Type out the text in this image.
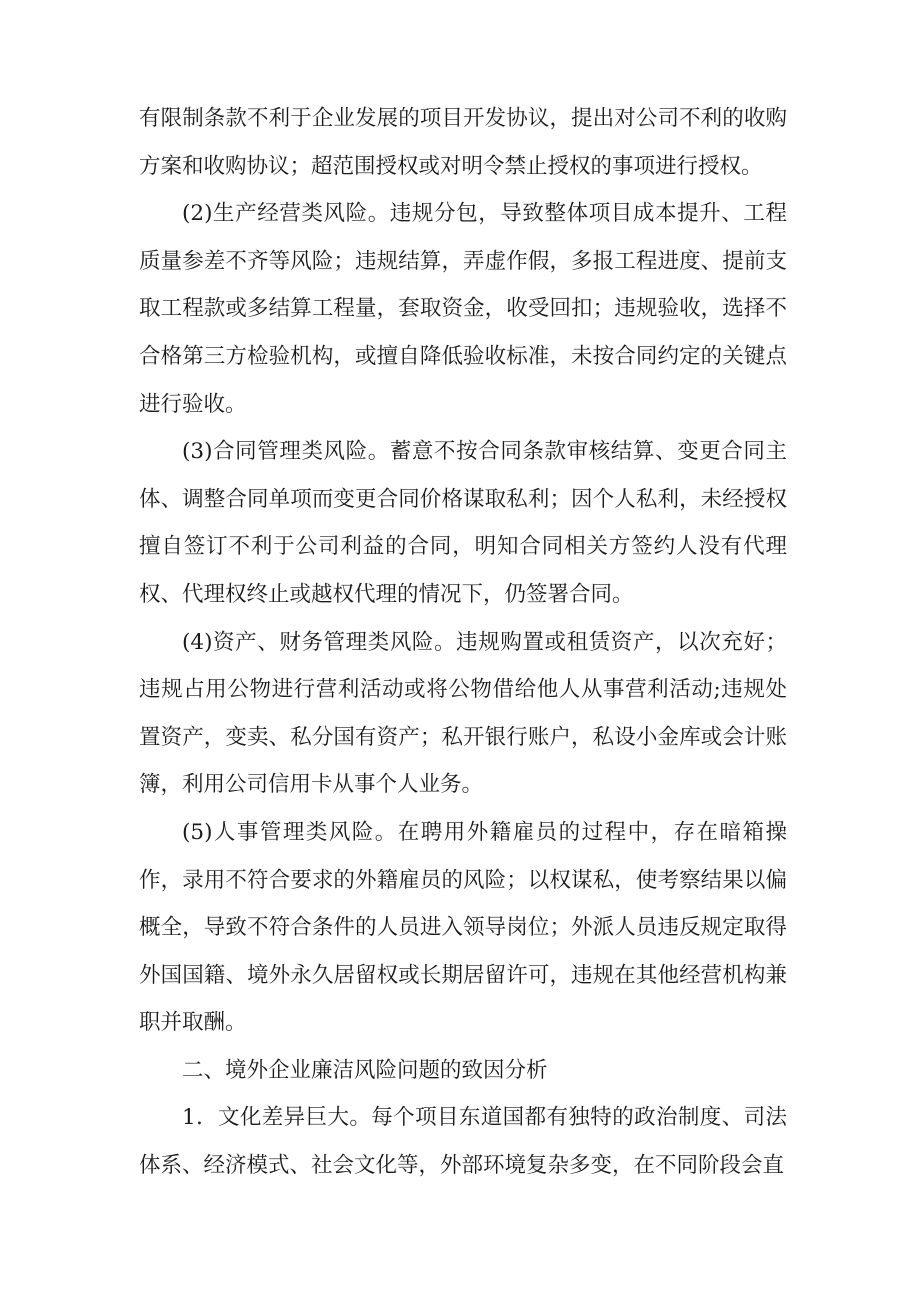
有限制条款不利于企业发展的项目开发协议，提出对公司不利的收购方案和收购协议；超范围授权或对明令禁止授权的事项进行授权。

(2)生产经营类风险。违规分包，导致整体项目成本提升、工程质量参差不齐等风险；违规结算，弄虚作假，多报工程进度、提前支取工程款或多结算工程量，套取资金，收受回扣；违规验收，选择不合格第三方检验机构，或擅自降低验收标准，未按合同约定的关键点进行验收。

(3)合同管理类风险。蓄意不按合同条款审核结算、变更合同主体、调整合同单项而变更合同价格谋取私利；因个人私利，未经授权擅自签订不利于公司利益的合同，明知合同相关方签约人没有代理权、代理权终止或越权代理的情况下，仍签署合同。

(4)资产、财务管理类风险。违规购置或租赁资产，以次充好；违规占用公物进行营利活动或将公物借给他人从事营利活动;违规处置资产，变卖、私分国有资产；私开银行账户，私设小金库或会计账簿，利用公司信用卡从事个人业务。

(5)人事管理类风险。在聘用外籍雇员的过程中，存在暗箱操作，录用不符合要求的外籍雇员的风险；以权谋私，使考察结果以偏概全，导致不符合条件的人员进入领导岗位；外派人员违反规定取得外国国籍、境外永久居留权或长期居留许可，违规在其他经营机构兼职并取酬。

二、境外企业廉洁风险问题的致因分析

1．文化差异巨大。每个项目东道国都有独特的政治制度、司法体系、经济模式、社会文化等，外部环境复杂多变，在不同阶段会直
